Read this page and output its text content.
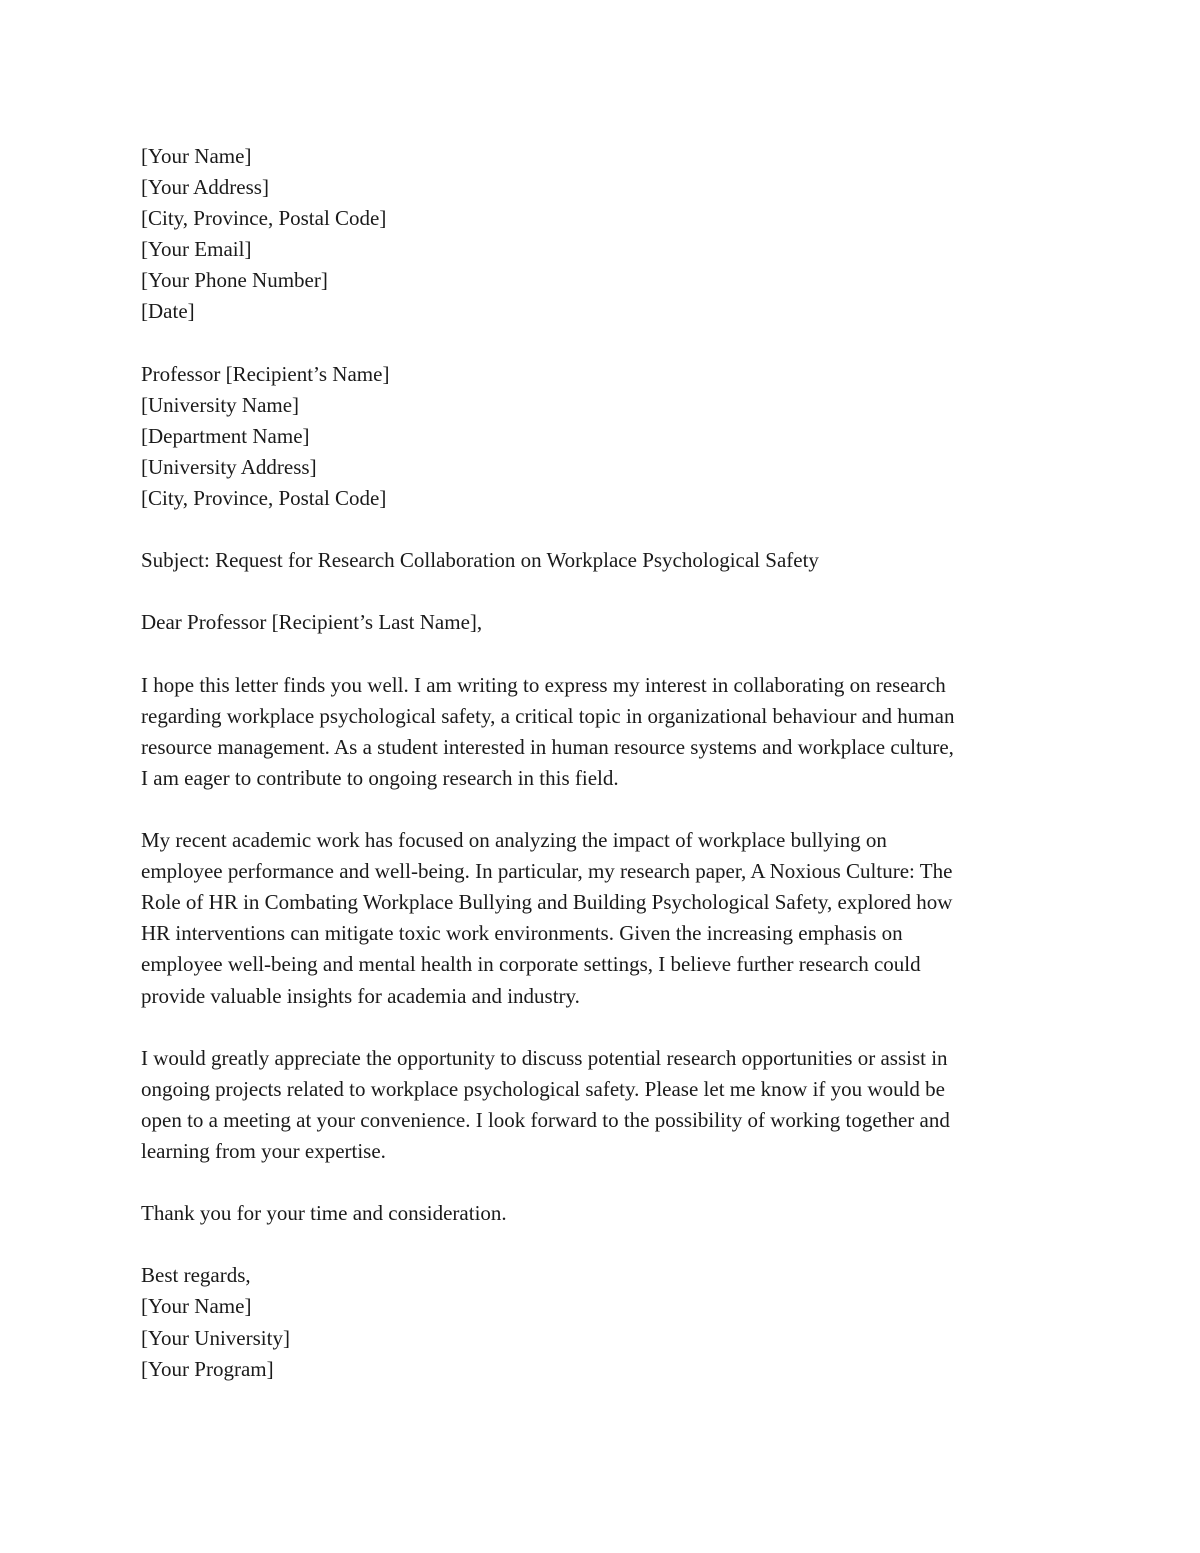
[Your Name]
[Your Address]
[City, Province, Postal Code]
[Your Email]
[Your Phone Number]
[Date]
Professor [Recipient’s Name]
[University Name]
[Department Name]
[University Address]
[City, Province, Postal Code]
Subject: Request for Research Collaboration on Workplace Psychological Safety
Dear Professor [Recipient’s Last Name],
I hope this letter finds you well. I am writing to express my interest in collaborating on research
regarding workplace psychological safety, a critical topic in organizational behaviour and human
resource management. As a student interested in human resource systems and workplace culture,
I am eager to contribute to ongoing research in this field.
My recent academic work has focused on analyzing the impact of workplace bullying on
employee performance and well-being. In particular, my research paper, A Noxious Culture: The
Role of HR in Combating Workplace Bullying and Building Psychological Safety, explored how
HR interventions can mitigate toxic work environments. Given the increasing emphasis on
employee well-being and mental health in corporate settings, I believe further research could
provide valuable insights for academia and industry.
I would greatly appreciate the opportunity to discuss potential research opportunities or assist in
ongoing projects related to workplace psychological safety. Please let me know if you would be
open to a meeting at your convenience. I look forward to the possibility of working together and
learning from your expertise.
Thank you for your time and consideration.
Best regards,
[Your Name]
[Your University]
[Your Program]
